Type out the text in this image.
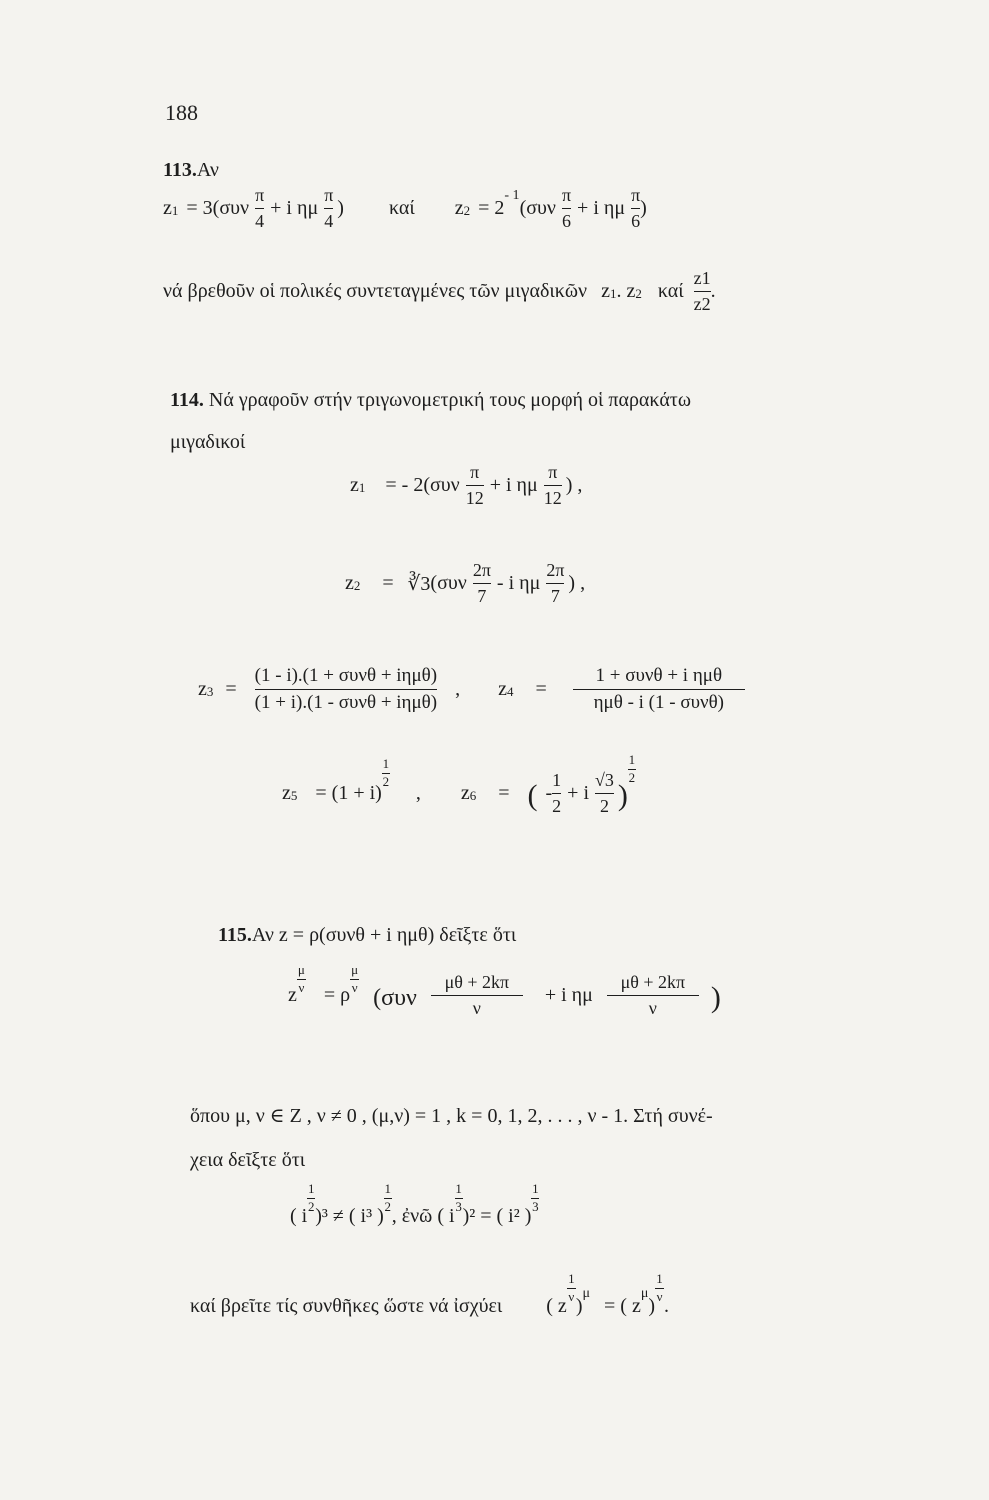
188
113.Αν
z $1 = 3(\sigma\upsilon\nu \frac{\pi}{4} + i$ ημ $\frac{\pi}{4}$ ) καί z 2 = 2
- 1
($\sigma\upsilon\nu \frac{\pi}{6} + i$ ημ $\frac{\pi}{6}$ )
νά βρεθοῦν οἱ πολικές συντεταγμένες τῶν μιγαδικῶν z 1 . z 2 καί $\frac{z1}{z2}$ .
114. Νά γραφοῦν στήν τριγωνομετρική τους μορφή οἱ παρακάτω
μιγαδικοί
z 1 = - $2(\sigma\upsilon\nu \frac{\pi}{12} + i$ ημ $\frac{\pi}{12}$ ) ,
z 2 = ∛3 ($\sigma\upsilon\nu \frac{2\pi}{7}$ - i ημ $\frac{2\pi}{7}$ ) ,
z $3 = \frac{\text{(1 - i).(1 + συνθ + iημθ)}}{\text{(1 + i).(1 - συνθ + iημθ)}}$ , z $4 = \frac{\text{1 + συνθ + i ημθ}}{\text{ημθ - i (1 - συνθ)}}$
z 5 = (1 + i)
$\frac{1}{2}$
, z 6 = ( - $\frac{1}{2} + i \frac{√3}{2}$ )
$\frac{1}{2}$
115.Αν z = ρ(συνθ + i ημθ) δεῖξτε ὅτι
z $\frac{\mu}{\nu} = \rho \frac{\mu}{\nu}$
($\sigma\upsilon\nu \frac{\mu\theta + 2k\pi}{\nu} + i$ ημ $\frac{\mu\theta + 2k\pi}{\nu}$ )
ὅπου μ, ν ∈ Z , ν ≠ 0 , (μ,ν) = 1 , k = 0, 1, 2, . . . , ν - 1. Στή συνέ-
χεια δεῖξτε ὅτι
( i
$\frac{1}{2}$
)³ ≠ ( i³ )
$\frac{1}{2}$
, ἐνῶ ( i
$\frac{1}{3}$
)² = ( i² )
$\frac{1}{3}$
καί βρεῖτε τίς συνθῆκες ὥστε νά ἰσχύει ( z
$\frac{1}{\nu}$
)
μ
= ( z
μ
)
$\frac{1}{\nu}$
.
